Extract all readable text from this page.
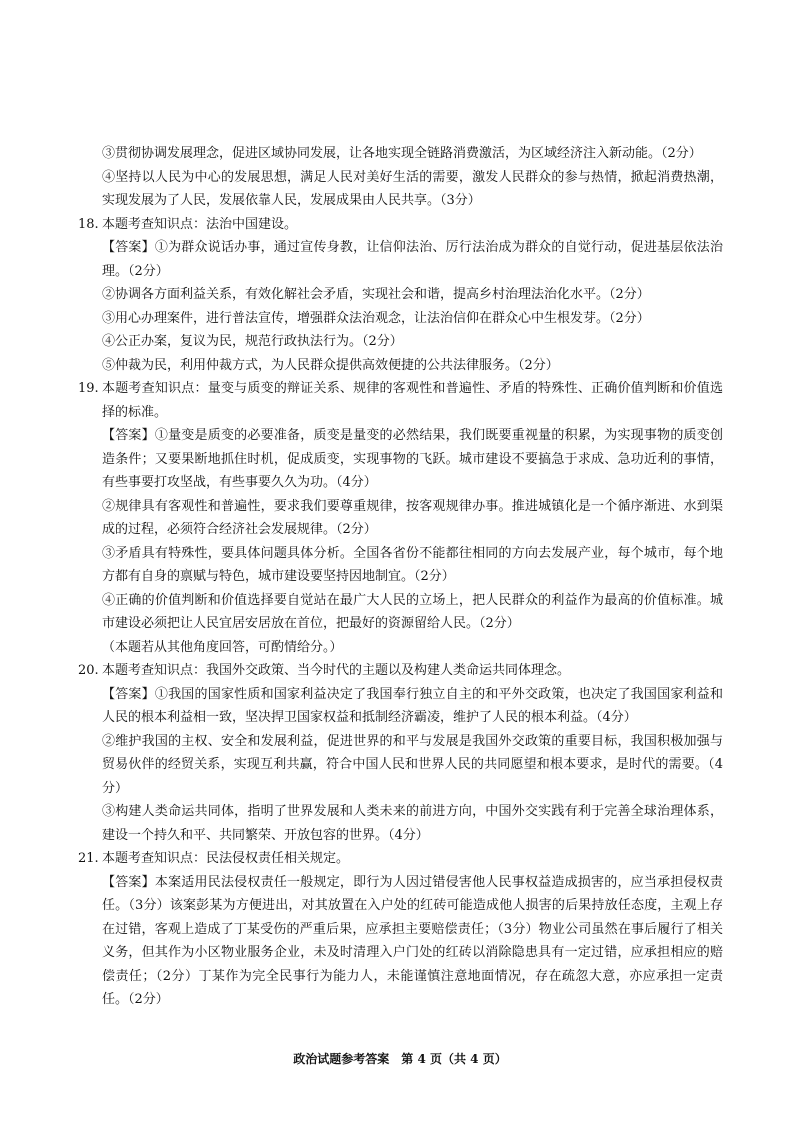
③贯彻协调发展理念，促进区域协同发展，让各地实现全链路消费激活，为区域经济注入新动能。（2分）

④坚持以人民为中心的发展思想，满足人民对美好生活的需要，激发人民群众的参与热情，掀起消费热潮，实现发展为了人民，发展依靠人民，发展成果由人民共享。（3分）

18. 本题考查知识点：法治中国建设。

【答案】①为群众说话办事，通过宣传身教，让信仰法治、厉行法治成为群众的自觉行动，促进基层依法治理。（2分）

②协调各方面利益关系，有效化解社会矛盾，实现社会和谐，提高乡村治理法治化水平。（2分）

③用心办理案件，进行普法宣传，增强群众法治观念，让法治信仰在群众心中生根发芽。（2分）

④公正办案，复议为民，规范行政执法行为。（2分）

⑤仲裁为民，利用仲裁方式，为人民群众提供高效便捷的公共法律服务。（2分）

19. 本题考查知识点：量变与质变的辩证关系、规律的客观性和普遍性、矛盾的特殊性、正确价值判断和价值选择的标准。

【答案】①量变是质变的必要准备，质变是量变的必然结果，我们既要重视量的积累，为实现事物的质变创造条件；又要果断地抓住时机，促成质变，实现事物的飞跃。城市建设不要搞急于求成、急功近利的事情，有些事要打攻坚战，有些事要久久为功。（4分）

②规律具有客观性和普遍性，要求我们要尊重规律，按客观规律办事。推进城镇化是一个循序渐进、水到渠成的过程，必须符合经济社会发展规律。（2分）

③矛盾具有特殊性，要具体问题具体分析。全国各省份不能都往相同的方向去发展产业，每个城市，每个地方都有自身的禀赋与特色，城市建设要坚持因地制宜。（2分）

④正确的价值判断和价值选择要自觉站在最广大人民的立场上，把人民群众的利益作为最高的价值标准。城市建设必须把让人民宜居安居放在首位，把最好的资源留给人民。（2分）

（本题若从其他角度回答，可酌情给分。）

20. 本题考查知识点：我国外交政策、当今时代的主题以及构建人类命运共同体理念。

【答案】①我国的国家性质和国家利益决定了我国奉行独立自主的和平外交政策，也决定了我国国家利益和人民的根本利益相一致，坚决捍卫国家权益和抵制经济霸凌，维护了人民的根本利益。（4分）

②维护我国的主权、安全和发展利益，促进世界的和平与发展是我国外交政策的重要目标，我国积极加强与贸易伙伴的经贸关系，实现互利共赢，符合中国人民和世界人民的共同愿望和根本要求，是时代的需要。（4分）

③构建人类命运共同体，指明了世界发展和人类未来的前进方向，中国外交实践有利于完善全球治理体系，建设一个持久和平、共同繁荣、开放包容的世界。（4分）

21. 本题考查知识点：民法侵权责任相关规定。

【答案】本案适用民法侵权责任一般规定，即行为人因过错侵害他人民事权益造成损害的，应当承担侵权责任。（3分）该案彭某为方便进出，对其放置在入户处的红砖可能造成他人损害的后果持放任态度，主观上存在过错，客观上造成了丁某受伤的严重后果，应承担主要赔偿责任；（3分）物业公司虽然在事后履行了相关义务，但其作为小区物业服务企业，未及时清理入户门处的红砖以消除隐患具有一定过错，应承担相应的赔偿责任；（2分）丁某作为完全民事行为能力人，未能谨慎注意地面情况，存在疏忽大意，亦应承担一定责任。（2分）

政治试题参考答案　第 4 页（共 4 页）
